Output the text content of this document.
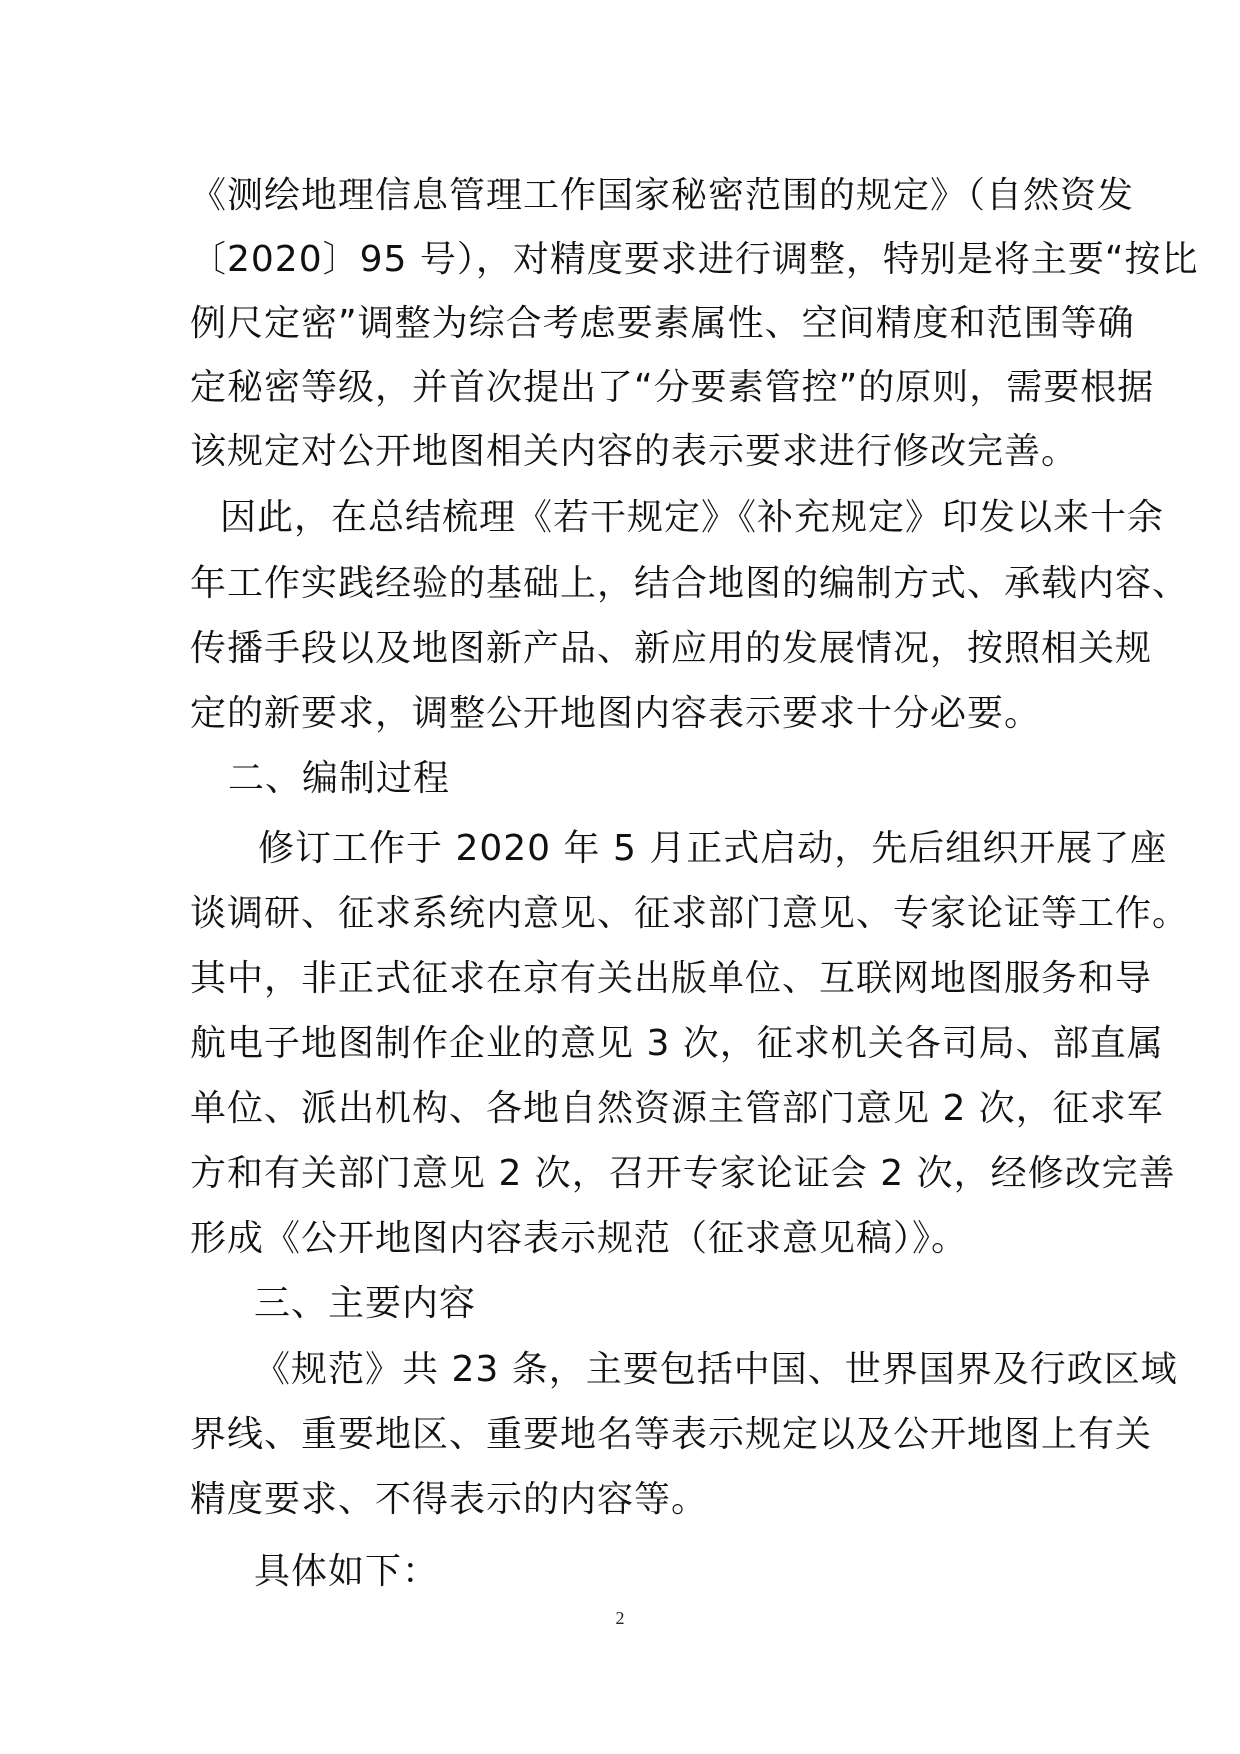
《测绘地理信息管理工作国家秘密范围的规定》（自然资发
〔2020〕95 号），对精度要求进行调整，特别是将主要“按比
例尺定密”调整为综合考虑要素属性、空间精度和范围等确
定秘密等级，并首次提出了“分要素管控”的原则，需要根据
该规定对公开地图相关内容的表示要求进行修改完善。
因此，在总结梳理《若干规定》《补充规定》印发以来十余
年工作实践经验的基础上，结合地图的编制方式、承载内容、
传播手段以及地图新产品、新应用的发展情况，按照相关规
定的新要求，调整公开地图内容表示要求十分必要。
二、编制过程
修订工作于 2020 年 5 月正式启动，先后组织开展了座
谈调研、征求系统内意见、征求部门意见、专家论证等工作。
其中，非正式征求在京有关出版单位、互联网地图服务和导
航电子地图制作企业的意见 3 次，征求机关各司局、部直属
单位、派出机构、各地自然资源主管部门意见 2 次，征求军
方和有关部门意见 2 次，召开专家论证会 2 次，经修改完善
形成《公开地图内容表示规范（征求意见稿）》。
三、主要内容
《规范》共 23 条，主要包括中国、世界国界及行政区域
界线、重要地区、重要地名等表示规定以及公开地图上有关
精度要求、不得表示的内容等。
具体如下：
2
